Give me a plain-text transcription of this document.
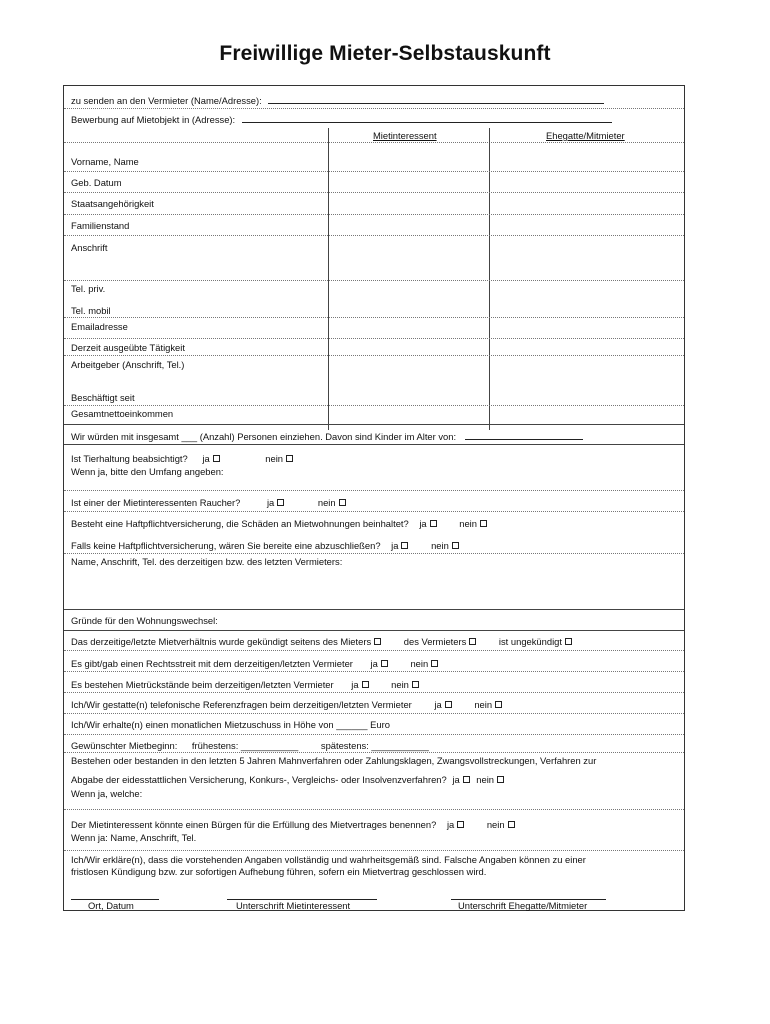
Freiwillige Mieter-Selbstauskunft
zu senden an den Vermieter (Name/Adresse):
Bewerbung auf Mietobjekt in (Adresse):
Mietinteressent	Ehegatte/Mitmieter
Vorname, Name
Geb. Datum
Staatsangehörigkeit
Familienstand
Anschrift
Tel. priv.
Tel. mobil
Emailadresse
Derzeit ausgeübte Tätigkeit
Arbeitgeber (Anschrift, Tel.)
Beschäftigt seit
Gesamtnettoeinkommen
Wir würden mit insgesamt ___ (Anzahl) Personen einziehen. Davon sind Kinder im Alter von:
Ist Tierhaltung beabsichtigt? ja	nein
Wenn ja, bitte den Umfang angeben:
Ist einer der Mietinteressenten Raucher?	ja	nein
Besteht eine Haftpflichtversicherung, die Schäden an Mietwohnungen beinhaltet? ja	nein
Falls keine Haftpflichtversicherung, wären Sie bereite eine abzuschließen? ja	nein
Name, Anschrift, Tel. des derzeitigen bzw. des letzten Vermieters:
Gründe für den Wohnungswechsel:
Das derzeitige/letzte Mietverhältnis wurde gekündigt seitens des Mieters	des Vermieters	ist ungekündigt
Es gibt/gab einen Rechtsstreit mit dem derzeitigen/letzten Vermieter ja	nein
Es bestehen Mietrückstände beim derzeitigen/letzten Vermieter ja	nein
Ich/Wir gestatte(n) telefonische Referenzfragen beim derzeitigen/letzten Vermieter ja	nein
Ich/Wir erhalte(n) einen monatlichen Mietzuschuss in Höhe von ______ Euro
Gewünschter Mietbeginn: frühestens: ___________ spätestens: ___________
Bestehen oder bestanden in den letzten 5 Jahren Mahnverfahren oder Zahlungsklagen, Zwangsvollstreckungen, Verfahren zur
Abgabe der eidesstattlichen Versicherung, Konkurs-, Vergleichs- oder Insolvenzverfahren? ja nein
Wenn ja, welche:
Der Mietinteressent könnte einen Bürgen für die Erfüllung des Mietvertrages benennen? ja	nein
Wenn ja: Name, Anschrift, Tel.
Ich/Wir erkläre(n), dass die vorstehenden Angaben vollständig und wahrheitsgemäß sind. Falsche Angaben können zu einer
fristlosen Kündigung bzw. zur sofortigen Aufhebung führen, sofern ein Mietvertrag geschlossen wird.
Ort, Datum	Unterschrift Mietinteressent	Unterschrift Ehegatte/Mitmieter
